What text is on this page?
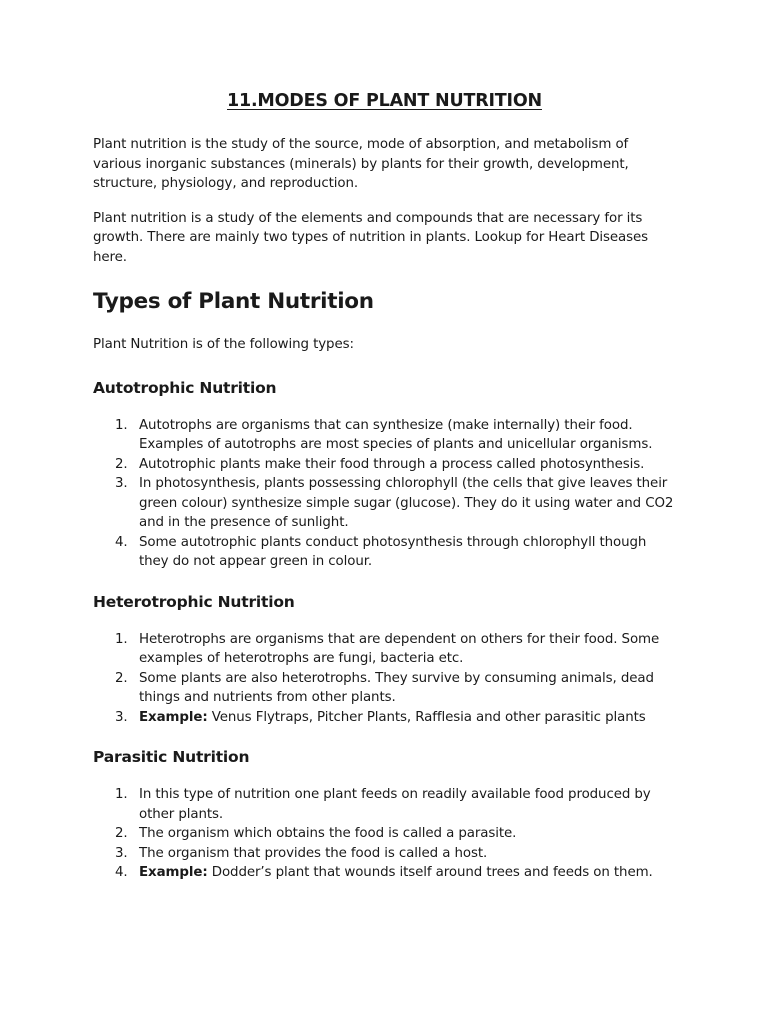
11.MODES OF PLANT NUTRITION

Plant nutrition is the study of the source, mode of absorption, and metabolism of various inorganic substances (minerals) by plants for their growth, development, structure, physiology, and reproduction.

Plant nutrition is a study of the elements and compounds that are necessary for its growth. There are mainly two types of nutrition in plants. Lookup for Heart Diseases here.

Types of Plant Nutrition

Plant Nutrition is of the following types:

Autotrophic Nutrition
1. Autotrophs are organisms that can synthesize (make internally) their food. Examples of autotrophs are most species of plants and unicellular organisms.
2. Autotrophic plants make their food through a process called photosynthesis.
3. In photosynthesis, plants possessing chlorophyll (the cells that give leaves their green colour) synthesize simple sugar (glucose). They do it using water and CO2 and in the presence of sunlight.
4. Some autotrophic plants conduct photosynthesis through chlorophyll though they do not appear green in colour.
Heterotrophic Nutrition
1. Heterotrophs are organisms that are dependent on others for their food. Some examples of heterotrophs are fungi, bacteria etc.
2. Some plants are also heterotrophs. They survive by consuming animals, dead things and nutrients from other plants.
3. Example: Venus Flytraps, Pitcher Plants, Rafflesia and other parasitic plants
Parasitic Nutrition
1. In this type of nutrition one plant feeds on readily available food produced by other plants.
2. The organism which obtains the food is called a parasite.
3. The organism that provides the food is called a host.
4. Example: Dodder’s plant that wounds itself around trees and feeds on them.
